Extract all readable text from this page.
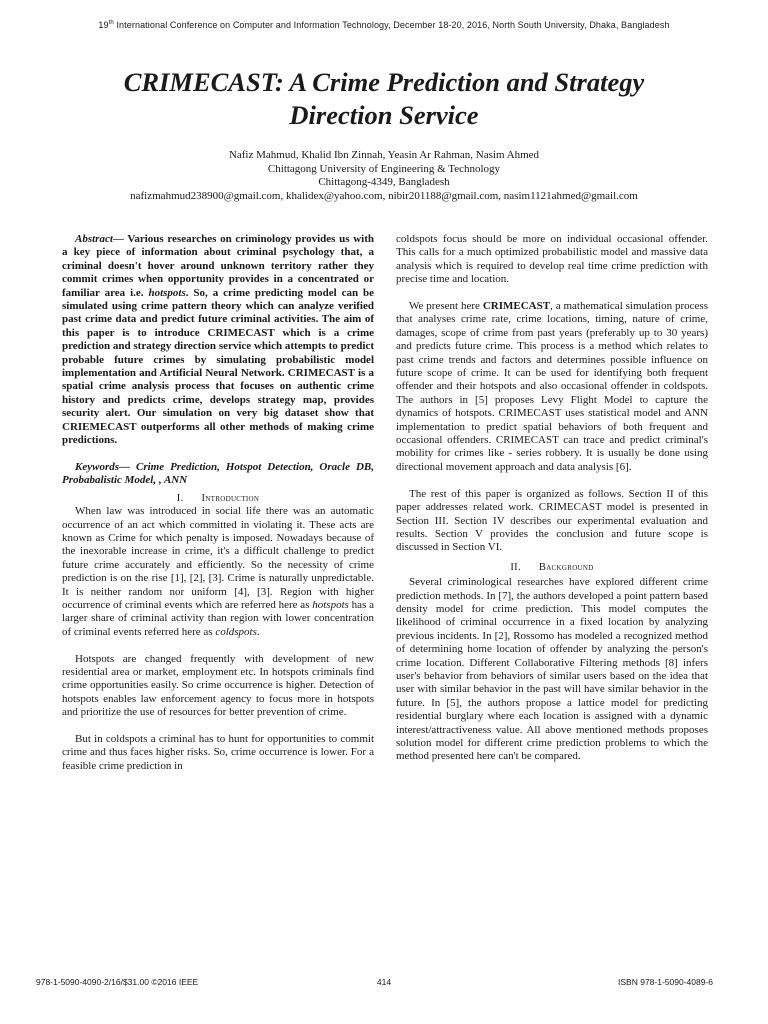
19th International Conference on Computer and Information Technology, December 18-20, 2016, North South University, Dhaka, Bangladesh
CRIMECAST: A Crime Prediction and Strategy
Direction Service
Nafiz Mahmud, Khalid Ibn Zinnah, Yeasin Ar Rahman, Nasim Ahmed
Chittagong University of Engineering & Technology
Chittagong-4349, Bangladesh
nafizmahmud238900@gmail.com, khalidex@yahoo.com, nibir201188@gmail.com, nasim1121ahmed@gmail.com

Abstract— Various researches on criminology provides us with a key piece of information about criminal psychology that, a criminal doesn't hover around unknown territory rather they commit crimes when opportunity provides in a concentrated or familiar area i.e. hotspots. So, a crime predicting model can be simulated using crime pattern theory which can analyze verified past crime data and predict future criminal activities. The aim of this paper is to introduce CRIMECAST which is a crime prediction and strategy direction service which attempts to predict probable future crimes by simulating probabilistic model implementation and Artificial Neural Network. CRIMECAST is a spatial crime analysis process that focuses on authentic crime history and predicts crime, develops strategy map, provides security alert. Our simulation on very big dataset show that CRIEMECAST outperforms all other methods of making crime predictions.

Keywords— Crime Prediction, Hotspot Detection, Oracle DB, Probabalistic Model, , ANN

I. Introduction

When law was introduced in social life there was an automatic occurrence of an act which committed in violating it. These acts are known as Crime for which penalty is imposed. Nowadays because of the inexorable increase in crime, it's a difficult challenge to predict future crime accurately and efficiently. So the necessity of crime prediction is on the rise [1], [2], [3]. Crime is naturally unpredictable. It is neither random nor uniform [4], [3]. Region with higher occurrence of criminal events which are referred here as hotspots has a larger share of criminal activity than region with lower concentration of criminal events referred here as coldspots.

Hotspots are changed frequently with development of new residential area or market, employment etc. In hotspots criminals find crime opportunities easily. So crime occurrence is higher. Detection of hotspots enables law enforcement agency to focus more in hotspots and prioritize the use of resources for better prevention of crime.

But in coldspots a criminal has to hunt for opportunities to commit crime and thus faces higher risks. So, crime occurrence is lower. For a feasible crime prediction in

coldspots focus should be more on individual occasional offender. This calls for a much optimized probabilistic model and massive data analysis which is required to develop real time crime prediction with precise time and location.

We present here CRIMECAST, a mathematical simulation process that analyses crime rate, crime locations, timing, nature of crime, damages, scope of crime from past years (preferably up to 30 years) and predicts future crime. This process is a method which relates to past crime trends and factors and determines possible influence on future scope of crime. It can be used for identifying both frequent offender and their hotspots and also occasional offender in coldspots. The authors in [5] proposes Levy Flight Model to capture the dynamics of hotspots. CRIMECAST uses statistical model and ANN implementation to predict spatial behaviors of both frequent and occasional offenders. CRIMECAST can trace and predict criminal's mobility for crimes like - series robbery. It is usually be done using directional movement approach and data analysis [6].

The rest of this paper is organized as follows. Section II of this paper addresses related work. CRIMECAST model is presented in Section III. Section IV describes our experimental evaluation and results. Section V provides the conclusion and future scope is discussed in Section VI.

II. Background

Several criminological researches have explored different crime prediction methods. In [7], the authors developed a point pattern based density model for crime prediction. This model computes the likelihood of criminal occurrence in a fixed location by analyzing previous incidents. In [2], Rossomo has modeled a recognized method of determining home location of offender by analyzing the person's crime location. Different Collaborative Filtering methods [8] infers user's behavior from behaviors of similar users based on the idea that user with similar behavior in the past will have similar behavior in the future. In [5], the authors propose a lattice model for predicting residential burglary where each location is assigned with a dynamic interest/attractiveness value. All above mentioned methods proposes solution model for different crime prediction problems to which the method presented here can't be compared.

978-1-5090-4090-2/16/$31.00 ©2016 IEEE	414	ISBN 978-1-5090-4089-6
